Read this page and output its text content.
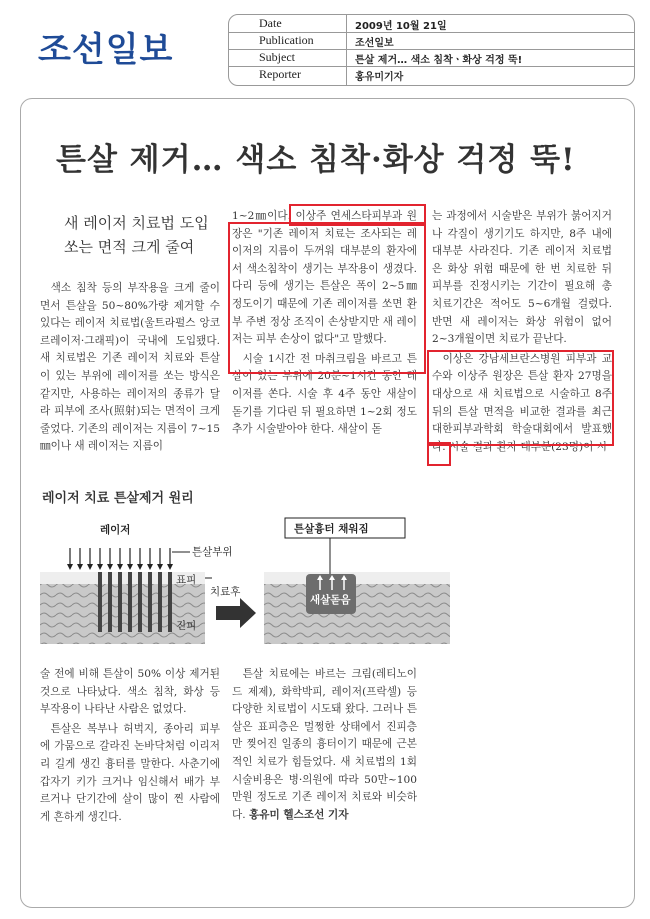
조선일보
Date	2009년 10월 21일
Publication	조선일보
Subject	튼살 제거… 색소 침착ㆍ화상 걱정 뚝!
Reporter	홍유미기자
튼살 제거… 색소 침착·화상 걱정 뚝!
새 레이저 치료법 도입
쏘는 면적 크게 줄여

색소 침착 등의 부작용을 크게 줄이면서 튼살을 50~80%가량 제거할 수 있다는 레이저 치료법(울트라펄스 앙코르레이저·그래픽)이 국내에 도입됐다. 새 치료법은 기존 레이저 치료와 튼살이 있는 부위에 레이저를 쏘는 방식은 같지만, 사용하는 레이저의 종류가 달라 피부에 조사(照射)되는 면적이 크게 줄었다. 기존의 레이저는 지름이 7~15㎜이나 새 레이저는 지름이

1~2㎜이다. 이상주 연세스타피부과 원장은 "기존 레이저 치료는 조사되는 레이저의 지름이 두꺼워 대부분의 환자에서 색소침착이 생기는 부작용이 생겼다. 다리 등에 생기는 튼살은 폭이 2~5㎜ 정도이기 때문에 기존 레이저를 쏘면 환부 주변 정상 조직이 손상받지만 새 레이저는 피부 손상이 없다"고 말했다.

시술 1시간 전 마취크림을 바르고 튼살이 있는 부위에 20분~1시간 동안 레이저를 쏜다. 시술 후 4주 동안 새살이 돋기를 기다린 뒤 필요하면 1~2회 정도 추가 시술받아야 한다. 새살이 돋

는 과정에서 시술받은 부위가 붉어지거나 각질이 생기기도 하지만, 8주 내에 대부분 사라진다. 기존 레이저 치료법은 화상 위험 때문에 한 번 치료한 뒤 피부를 진정시키는 기간이 필요해 총 치료기간은 적어도 5~6개월 걸렸다. 반면 새 레이저는 화상 위험이 없어 2~3개월이면 치료가 끝난다.

이상은 강남세브란스병원 피부과 교수와 이상주 원장은 튼살 환자 27명을 대상으로 새 치료법으로 시술하고 8주 뒤의 튼살 면적을 비교한 결과를 최근 대한피부과학회 학술대회에서 발표했다. 시술 결과 환자 대부분(23명)이 시

레이저 치료 튼살제거 원리
레이저
튼살부위
표피
진피
치료후
튼살흉터 채워짐
새살돋음

술 전에 비해 튼살이 50% 이상 제거된 것으로 나타났다. 색소 침착, 화상 등 부작용이 나타난 사람은 없었다.

튼살은 복부나 허벅지, 종아리 피부에 가뭄으로 갈라진 논바닥처럼 이리저리 길게 생긴 흉터를 말한다. 사춘기에 갑자기 키가 크거나 임신해서 배가 부르거나 단기간에 살이 많이 찐 사람에게 흔하게 생긴다.

튼살 치료에는 바르는 크림(레티노이드 제제), 화학박피, 레이저(프락셀) 등 다양한 치료법이 시도돼 왔다. 그러나 튼살은 표피층은 멀쩡한 상태에서 진피층만 찢어진 일종의 흉터이기 때문에 근본적인 치료가 힘들었다. 새 치료법의 1회 시술비용은 병·의원에 따라 50만~100만원 정도로 기존 레이저 치료와 비슷하다. 홍유미 헬스조선 기자
